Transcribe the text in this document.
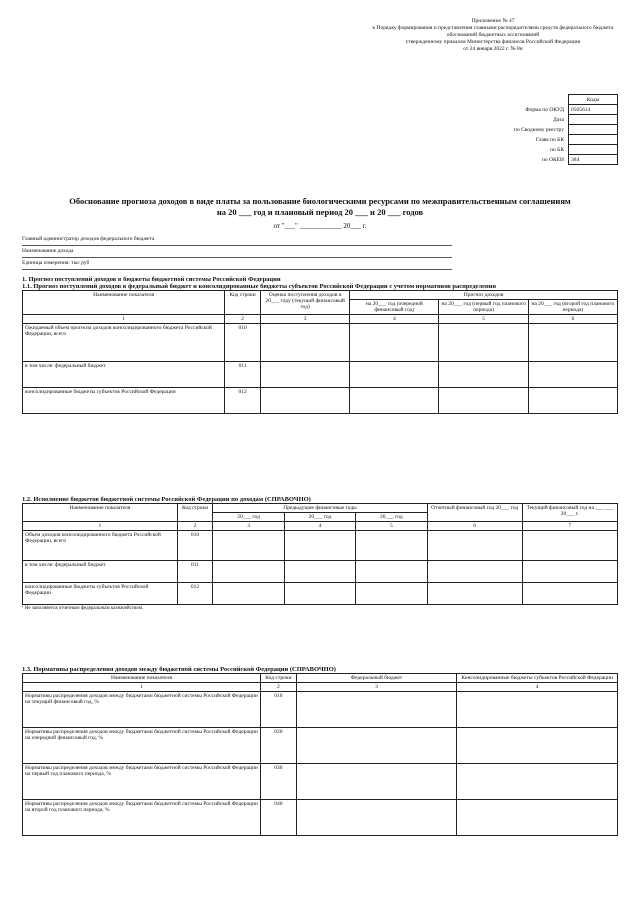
Приложение № 47
к Порядку формирования и представления главными распорядителями средств федерального бюджета
обоснований бюджетных ассигнований
утвержденному приказом Министерства финансов Российской Федерации
от 24 января 2022 г. № 8н
	Коды
Форма по ОКУД	0505614
Дата	
по Сводному реестру	
Глава по БК	
по БК	
по ОКЕИ	384
Обоснование прогноза доходов в виде платы за пользование биологическими ресурсами по межправительственным соглашениям
на 20 ___ год и плановый период 20 ___ и 20 ___ годов
от "___" ____________ 20___ г.
Главный администратор доходов федерального бюджета
Наименование дохода
Единица измерения: тыс руб

1. Прогноз поступлений доходов в бюджеты бюджетной системы Российской Федерации

1.1. Прогноз поступлений доходов в федеральный бюджет и консолидированные бюджеты субъектов Российской Федерации с учетом нормативов распределения

Наименование показателя	Код строки	Оценка поступления доходов в 20___ году (текущий финансовый год)	Прогноз доходов		
			на 20___ год (очередной финансовый год)	на 20___ год (первый год планового периода)	на 20___ год (второй год планового периода)
1	2	3	4	5	6
Ожидаемый объем прогноза доходов консолидированного бюджета Российской Федерации, всего	010				
в том числе: федеральный бюджет	011				
консолидированные бюджеты субъектов Российской Федерации	012				

1.2. Исполнение бюджетов бюджетной системы Российской Федерации по доходам (СПРАВОЧНО)

Наименование показателя	Код строки	Предыдущие финансовые годы			Отчетный финансовый год 20___ год	Текущий финансовый год на ___ ___ 20___ г.
		20___ год	20___ год	20___ год		
1	2	3	4	5	6	7
Объем доходов консолидированного бюджета Российской Федерации, всего	010					
в том числе: федеральный бюджет	011					
консолидированные бюджеты субъектов Российской Федерации	012					
¹ Не заполняется отчетным федеральным казначейством.

1.3. Нормативы распределения доходов между бюджетной системы Российской Федерации (СПРАВОЧНО)

Наименование показателя	Код строки	Федеральный бюджет	Консолидированные бюджеты субъектов Российской Федерации
1	2	3	4
Нормативы распределения доходов между бюджетами бюджетной системы Российской Федерации на текущий финансовый год, %	010		
Нормативы распределения доходов между бюджетами бюджетной системы Российской Федерации на очередной финансовый год, %	020		
Нормативы распределения доходов между бюджетами бюджетной системы Российской Федерации на первый год планового периода, %	030		
Нормативы распределения доходов между бюджетами бюджетной системы Российской Федерации на второй год планового периода, %	040		
